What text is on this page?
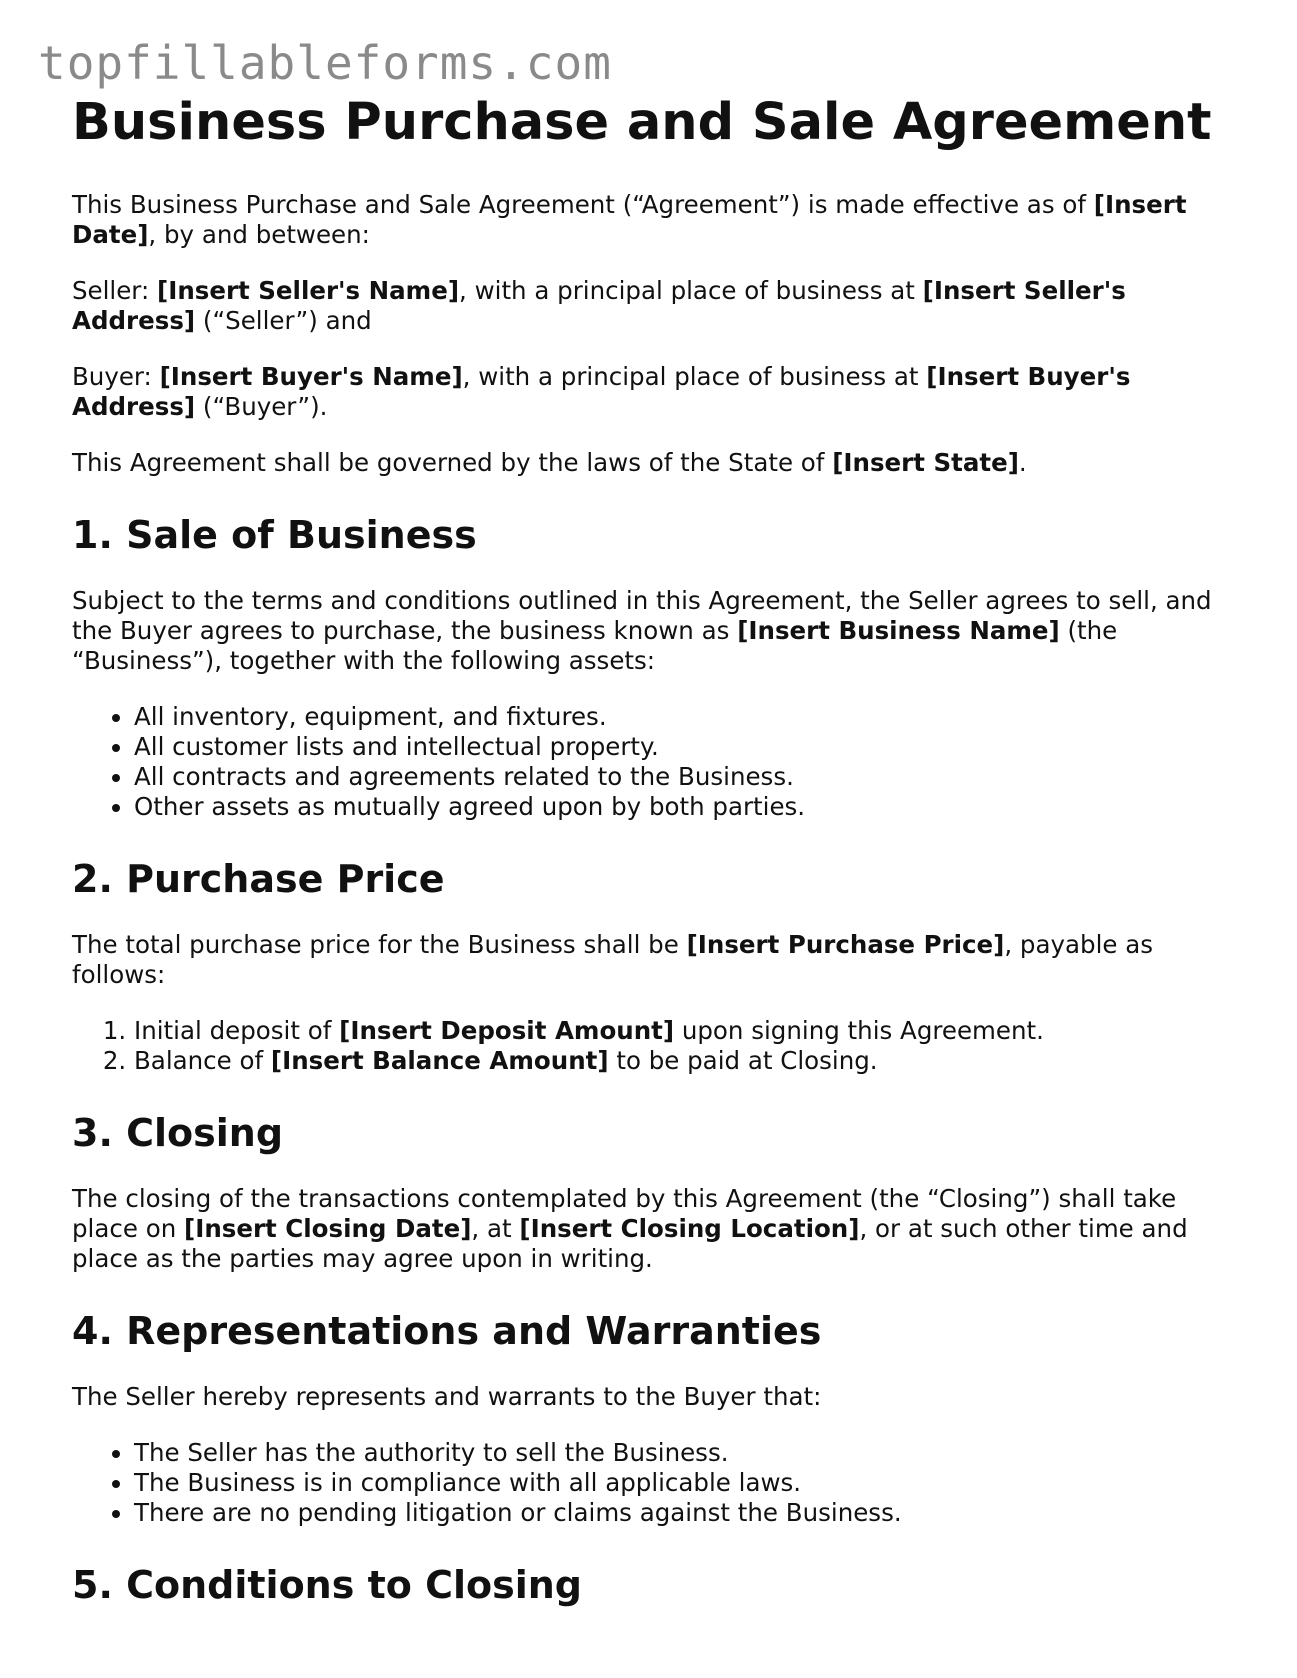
topfillableforms.com
Business Purchase and Sale Agreement

This Business Purchase and Sale Agreement (“Agreement”) is made effective as of [Insert Date], by and between:

Seller: [Insert Seller's Name], with a principal place of business at [Insert Seller's Address] (“Seller”) and

Buyer: [Insert Buyer's Name], with a principal place of business at [Insert Buyer's Address] (“Buyer”).

This Agreement shall be governed by the laws of the State of [Insert State].

1. Sale of Business

Subject to the terms and conditions outlined in this Agreement, the Seller agrees to sell, and the Buyer agrees to purchase, the business known as [Insert Business Name] (the “Business”), together with the following assets:

• All inventory, equipment, and fixtures.
• All customer lists and intellectual property.
• All contracts and agreements related to the Business.
• Other assets as mutually agreed upon by both parties.
2. Purchase Price

The total purchase price for the Business shall be [Insert Purchase Price], payable as follows:

1. Initial deposit of [Insert Deposit Amount] upon signing this Agreement.
2. Balance of [Insert Balance Amount] to be paid at Closing.
3. Closing

The closing of the transactions contemplated by this Agreement (the “Closing”) shall take place on [Insert Closing Date], at [Insert Closing Location], or at such other time and place as the parties may agree upon in writing.

4. Representations and Warranties

The Seller hereby represents and warrants to the Buyer that:

• The Seller has the authority to sell the Business.
• The Business is in compliance with all applicable laws.
• There are no pending litigation or claims against the Business.
5. Conditions to Closing
